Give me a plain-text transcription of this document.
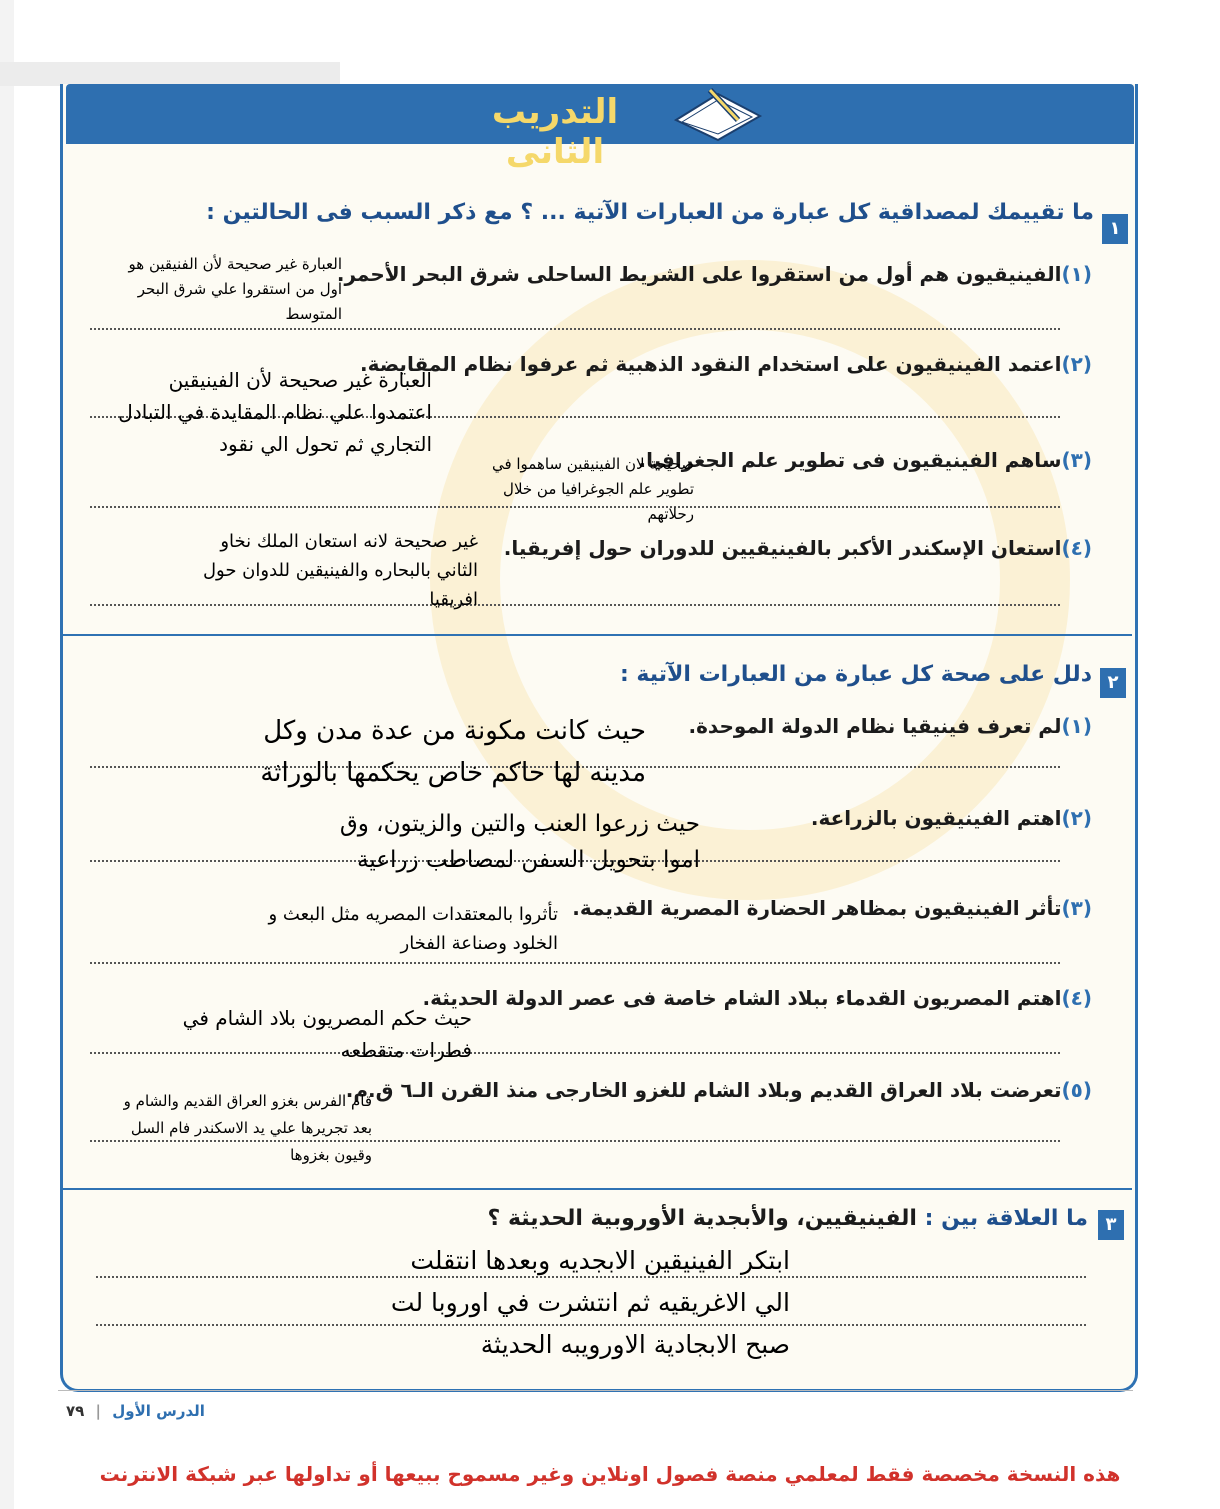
التدريب الثانى
١
ما تقييمك لمصداقية كل عبارة من العبارات الآتية ... ؟ مع ذكر السبب فى الحالتين :
(١)الفينيقيون هم أول من استقروا على الشريط الساحلى شرق البحر الأحمر.
العبارة غير صحيحة لأن الفنيقين هو
اول من استقروا علي شرق البحر
المتوسط
(٢)اعتمد الفينيقيون على استخدام النقود الذهبية ثم عرفوا نظام المقايضة.
العبارة غير صحيحة لأن الفينيقين
اعتمدوا علي نظام المقايدة في التبادل
التجاري ثم تحول الي نقود
(٣)ساهم الفينيقيون فى تطوير علم الجغرافيا.
صحيحة لان الفينيقين ساهموا في
تطوير علم الجوغرافيا من خلال
رحلاتهم
(٤)استعان الإسكندر الأكبر بالفينيقيين للدوران حول إفريقيا.
غير صحيحة لانه استعان الملك نخاو
الثاني بالبحاره والفينيقين للدوان حول
افريقيا
٢
دلل على صحة كل عبارة من العبارات الآتية :
(١)لم تعرف فينيقيا نظام الدولة الموحدة.
حيث كانت مكونة من عدة مدن وكل
مدينه لها حاكم خاص يحكمها بالوراثة
(٢)اهتم الفينيقيون بالزراعة.
حيث زرعوا العنب والتين والزيتون، وق
اموا بتحويل السفن لمصاطب زراعية
(٣)تأثر الفينيقيون بمظاهر الحضارة المصرية القديمة.
تأثروا بالمعتقدات المصريه مثل البعث و
الخلود وصناعة الفخار
(٤)اهتم المصريون القدماء ببلاد الشام خاصة فى عصر الدولة الحديثة.
حيث حكم المصريون بلاد الشام في
فطرات متقطعه
(٥)تعرضت بلاد العراق القديم وبلاد الشام للغزو الخارجى منذ القرن الـ٦ ق.م.
قام الفرس بغزو العراق القديم والشام و
بعد تجريرها علي يد الاسكندر فام السل
وقيون بغزوها
٣
ما العلاقة بين : الفينيقيين، والأبجدية الأوروبية الحديثة ؟
ابتكر الفينيقين الابجديه وبعدها انتقلت
الي الاغريقيه ثم انتشرت في اوروبا لت
صبح الابجادية الاورويبه الحديثة
الدرس الأول | ٧٩
هذه النسخة مخصصة فقط لمعلمي منصة فصول اونلاين وغير مسموح ببيعها أو تداولها عبر شبكة الانترنت
